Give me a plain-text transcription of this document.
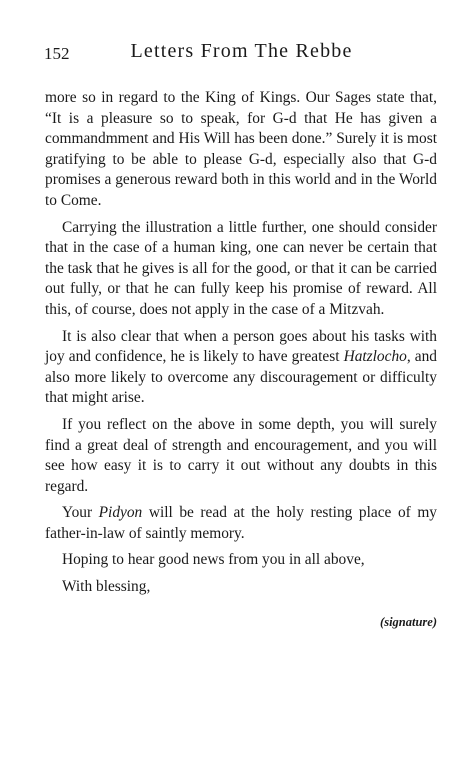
152	Letters From The Rebbe

more so in regard to the King of Kings. Our Sages state that, “It is a pleasure so to speak, for G-d that He has given a commandmment and His Will has been done.” Surely it is most gratifying to be able to please G-d, especially also that G-d promises a generous reward both in this world and in the World to Come.

Carrying the illustration a little further, one should consider that in the case of a human king, one can never be certain that the task that he gives is all for the good, or that it can be carried out fully, or that he can fully keep his promise of reward. All this, of course, does not apply in the case of a Mitzvah.

It is also clear that when a person goes about his tasks with joy and confidence, he is likely to have greatest Hatzlocho, and also more likely to overcome any discouragement or difficulty that might arise.

If you reflect on the above in some depth, you will surely find a great deal of strength and encouragement, and you will see how easy it is to carry it out without any doubts in this regard.

Your Pidyon will be read at the holy resting place of my father-in-law of saintly memory.

Hoping to hear good news from you in all above,
With blessing,
(signature)
